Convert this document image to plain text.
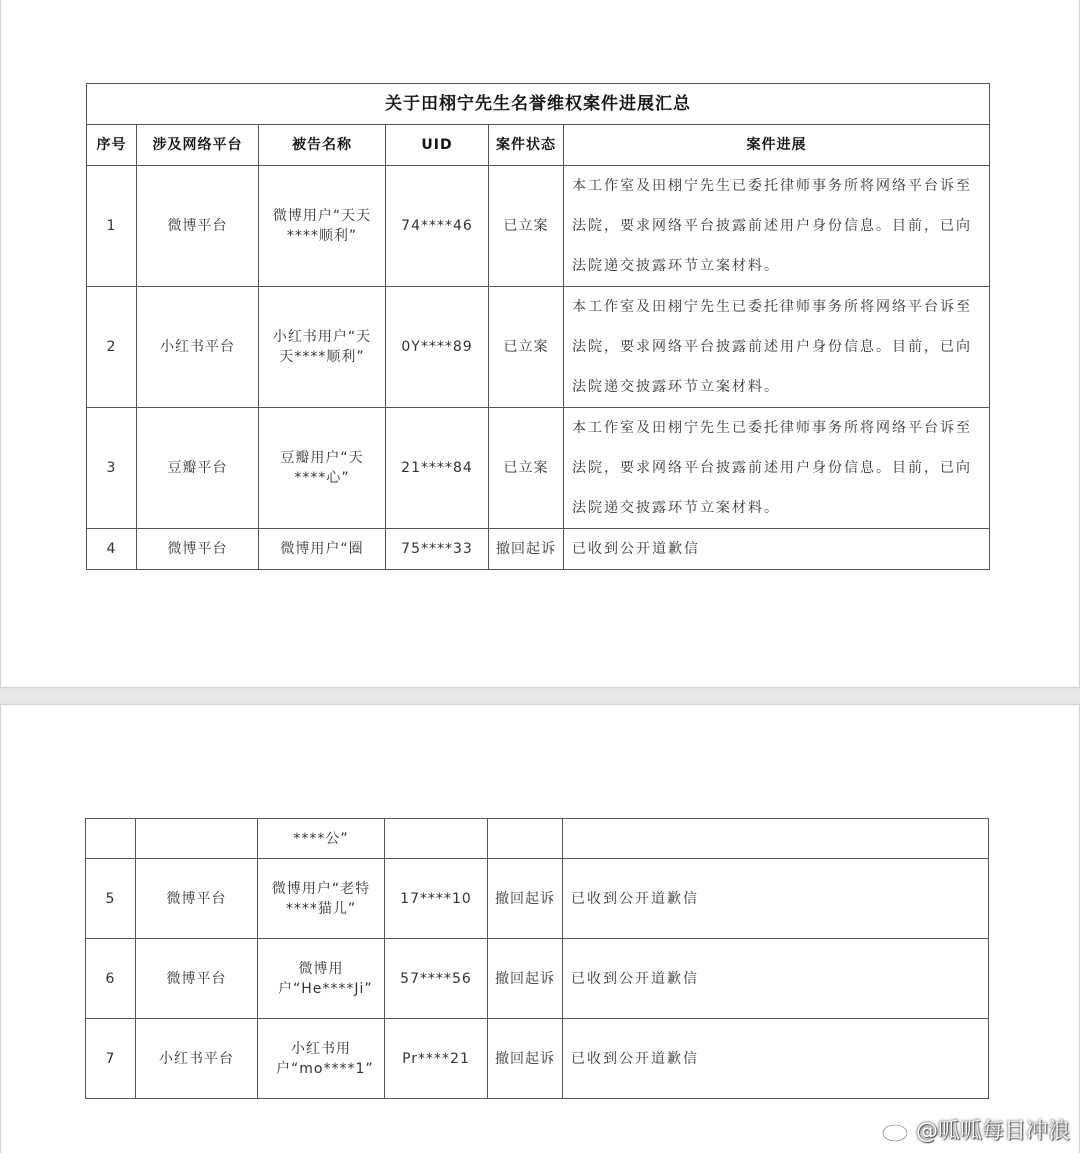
关于田栩宁先生名誉维权案件进展汇总					
序号	涉及网络平台	被告名称	UID	案件状态	案件进展
1	微博平台	微博用户“天天****顺利”	74****46	已立案	本工作室及田栩宁先生已委托律师事务所将网络平台诉至法院，要求网络平台披露前述用户身份信息。目前，已向法院递交披露环节立案材料。
2	小红书平台	小红书用户“天天****顺利”	0Y****89	已立案	本工作室及田栩宁先生已委托律师事务所将网络平台诉至法院，要求网络平台披露前述用户身份信息。目前，已向法院递交披露环节立案材料。
3	豆瓣平台	豆瓣用户“天****心”	21****84	已立案	本工作室及田栩宁先生已委托律师事务所将网络平台诉至法院，要求网络平台披露前述用户身份信息。目前，已向法院递交披露环节立案材料。
4	微博平台	微博用户“圈	75****33	撤回起诉	已收到公开道歉信
		****公”			
5	微博平台	微博用户“老特****猫儿”	17****10	撤回起诉	已收到公开道歉信
6	微博平台	微博用户“He****Ji”	57****56	撤回起诉	已收到公开道歉信
7	小红书平台	小红书用户“mo****1”	Pr****21	撤回起诉	已收到公开道歉信
@呱呱每目冲浪
